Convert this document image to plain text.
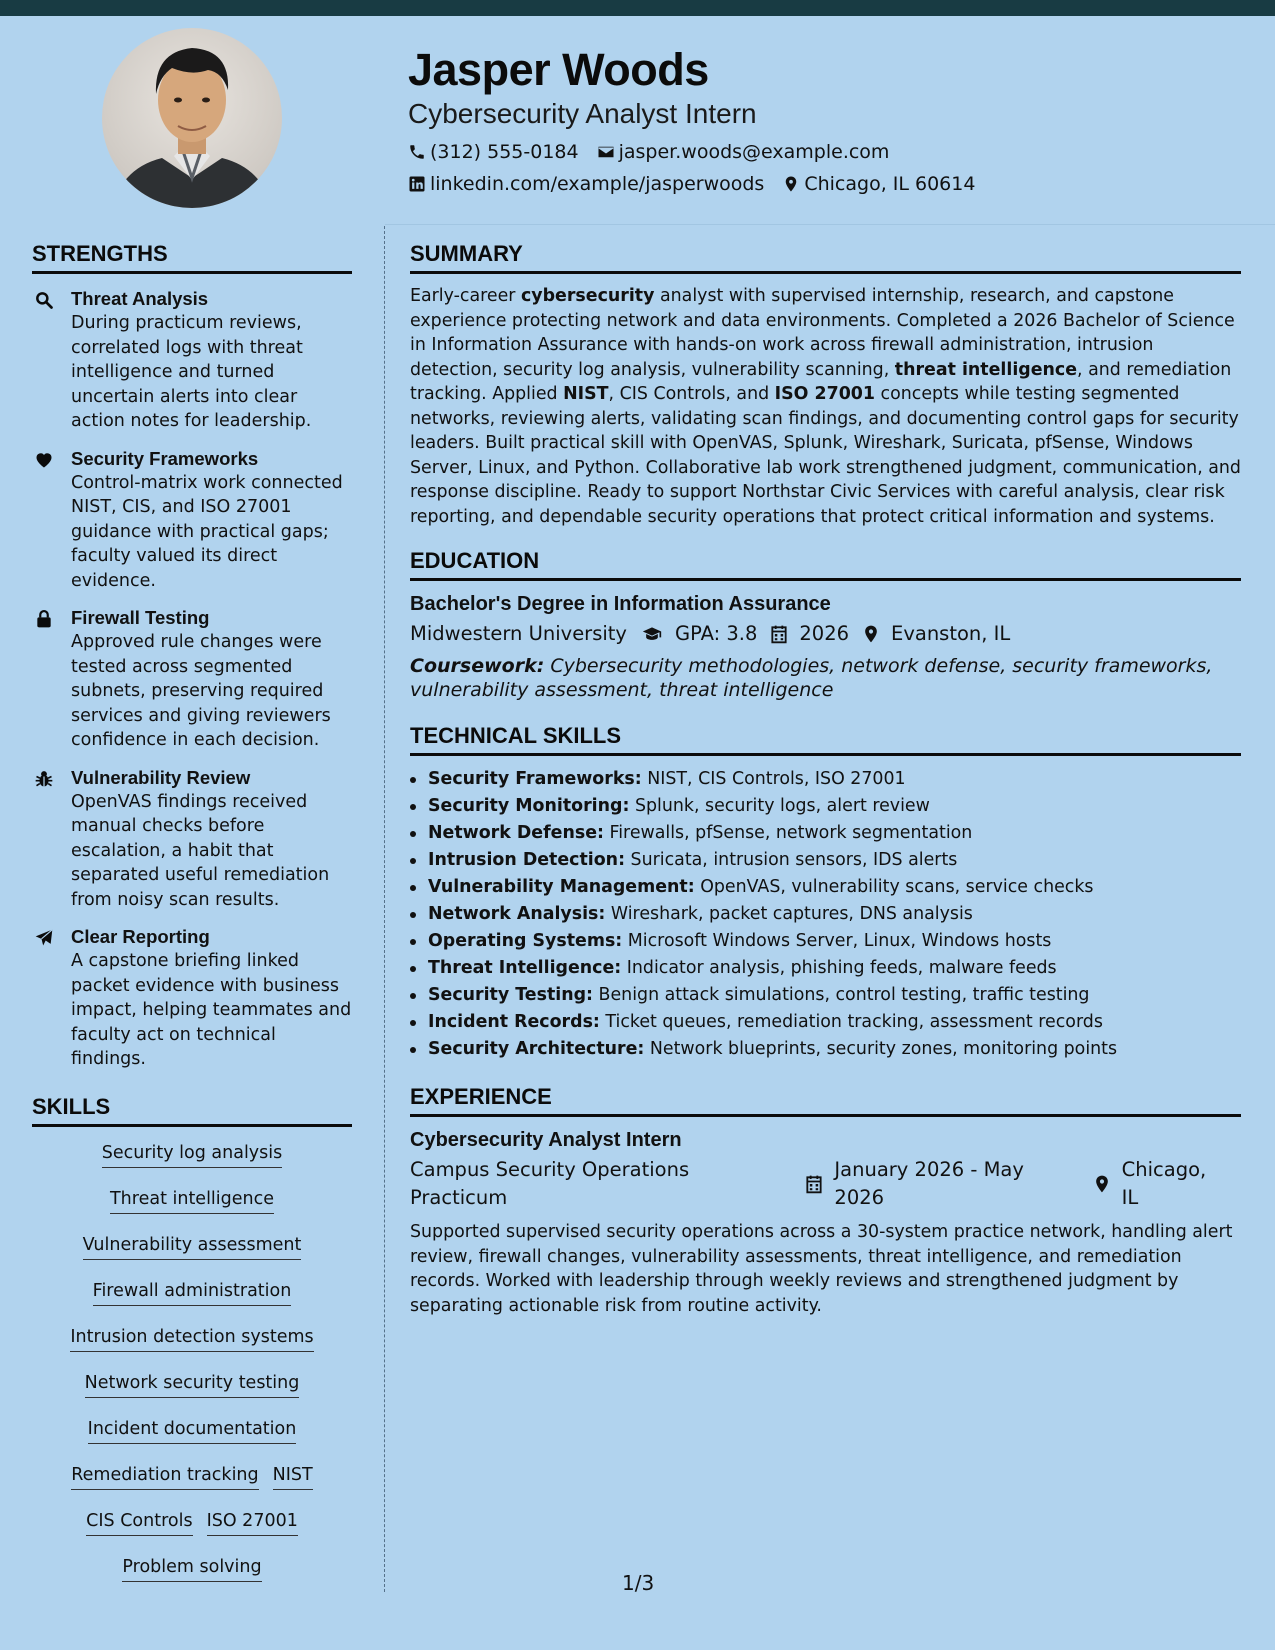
Jasper Woods
Cybersecurity Analyst Intern
(312) 555-0184 jasper.woods@example.com
linkedin.com/example/jasperwoods Chicago, IL 60614
STRENGTHS
Threat Analysis
During practicum reviews, correlated logs with threat intelligence and turned uncertain alerts into clear action notes for leadership.
Security Frameworks
Control-matrix work connected NIST, CIS, and ISO 27001 guidance with practical gaps; faculty valued its direct evidence.
Firewall Testing
Approved rule changes were tested across segmented subnets, preserving required services and giving reviewers confidence in each decision.
Vulnerability Review
OpenVAS findings received manual checks before escalation, a habit that separated useful remediation from noisy scan results.
Clear Reporting
A capstone briefing linked packet evidence with business impact, helping teammates and faculty act on technical findings.
SKILLS
Security log analysis
Threat intelligence
Vulnerability assessment
Firewall administration
Intrusion detection systems
Network security testing
Incident documentation
Remediation tracking NIST
CIS Controls ISO 27001
Problem solving
SUMMARY
Early-career cybersecurity analyst with supervised internship, research, and capstone experience protecting network and data environments. Completed a 2026 Bachelor of Science in Information Assurance with hands-on work across firewall administration, intrusion detection, security log analysis, vulnerability scanning, threat intelligence, and remediation tracking. Applied NIST, CIS Controls, and ISO 27001 concepts while testing segmented networks, reviewing alerts, validating scan findings, and documenting control gaps for security leaders. Built practical skill with OpenVAS, Splunk, Wireshark, Suricata, pfSense, Windows Server, Linux, and Python. Collaborative lab work strengthened judgment, communication, and response discipline. Ready to support Northstar Civic Services with careful analysis, clear risk reporting, and dependable security operations that protect critical information and systems.
EDUCATION
Bachelor's Degree in Information Assurance
Midwestern University GPA: 3.8 2026 Evanston, IL
Coursework: Cybersecurity methodologies, network defense, security frameworks, vulnerability assessment, threat intelligence
TECHNICAL SKILLS
Security Frameworks: NIST, CIS Controls, ISO 27001
Security Monitoring: Splunk, security logs, alert review
Network Defense: Firewalls, pfSense, network segmentation
Intrusion Detection: Suricata, intrusion sensors, IDS alerts
Vulnerability Management: OpenVAS, vulnerability scans, service checks
Network Analysis: Wireshark, packet captures, DNS analysis
Operating Systems: Microsoft Windows Server, Linux, Windows hosts
Threat Intelligence: Indicator analysis, phishing feeds, malware feeds
Security Testing: Benign attack simulations, control testing, traffic testing
Incident Records: Ticket queues, remediation tracking, assessment records
Security Architecture: Network blueprints, security zones, monitoring points
EXPERIENCE
Cybersecurity Analyst Intern
Campus Security Operations Practicum
January 2026 - May 2026
Chicago, IL
Supported supervised security operations across a 30-system practice network, handling alert review, firewall changes, vulnerability assessments, threat intelligence, and remediation records. Worked with leadership through weekly reviews and strengthened judgment by separating actionable risk from routine activity.
1/3
